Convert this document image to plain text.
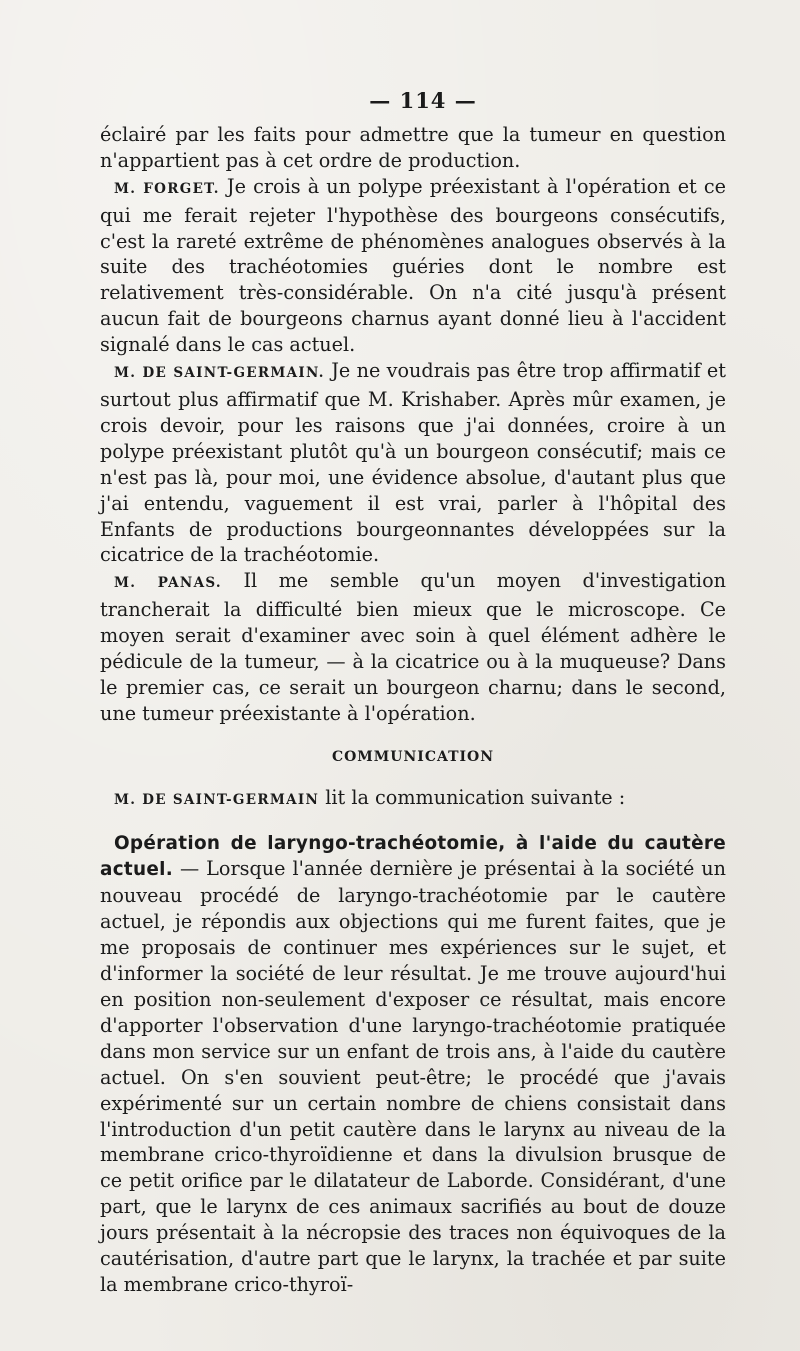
— 114 —

éclairé par les faits pour admettre que la tumeur en question n'appartient pas à cet ordre de production.

M. FORGET. Je crois à un polype préexistant à l'opération et ce qui me ferait rejeter l'hypothèse des bourgeons consécutifs, c'est la rareté extrême de phénomènes analogues observés à la suite des trachéotomies guéries dont le nombre est relativement très-considérable. On n'a cité jusqu'à présent aucun fait de bourgeons charnus ayant donné lieu à l'accident signalé dans le cas actuel.

M. DE SAINT-GERMAIN. Je ne voudrais pas être trop affirmatif et surtout plus affirmatif que M. Krishaber. Après mûr examen, je crois devoir, pour les raisons que j'ai données, croire à un polype préexistant plutôt qu'à un bourgeon consécutif; mais ce n'est pas là, pour moi, une évidence absolue, d'autant plus que j'ai entendu, vaguement il est vrai, parler à l'hôpital des Enfants de productions bourgeonnantes développées sur la cicatrice de la trachéotomie.

M. PANAS. Il me semble qu'un moyen d'investigation trancherait la difficulté bien mieux que le microscope. Ce moyen serait d'examiner avec soin à quel élément adhère le pédicule de la tumeur, — à la cicatrice ou à la muqueuse? Dans le premier cas, ce serait un bourgeon charnu; dans le second, une tumeur préexistante à l'opération.

COMMUNICATION

M. DE SAINT-GERMAIN lit la communication suivante :

Opération de laryngo-trachéotomie, à l'aide du cautère actuel. — Lorsque l'année dernière je présentai à la société un nouveau procédé de laryngo-trachéotomie par le cautère actuel, je répondis aux objections qui me furent faites, que je me proposais de continuer mes expériences sur le sujet, et d'informer la société de leur résultat. Je me trouve aujourd'hui en position non-seulement d'exposer ce résultat, mais encore d'apporter l'observation d'une laryngo-trachéotomie pratiquée dans mon service sur un enfant de trois ans, à l'aide du cautère actuel. On s'en souvient peut-être; le procédé que j'avais expérimenté sur un certain nombre de chiens consistait dans l'introduction d'un petit cautère dans le larynx au niveau de la membrane crico-thyroïdienne et dans la divulsion brusque de ce petit orifice par le dilatateur de Laborde. Considérant, d'une part, que le larynx de ces animaux sacrifiés au bout de douze jours présentait à la nécropsie des traces non équivoques de la cautérisation, d'autre part que le larynx, la trachée et par suite la membrane crico-thyroï-
